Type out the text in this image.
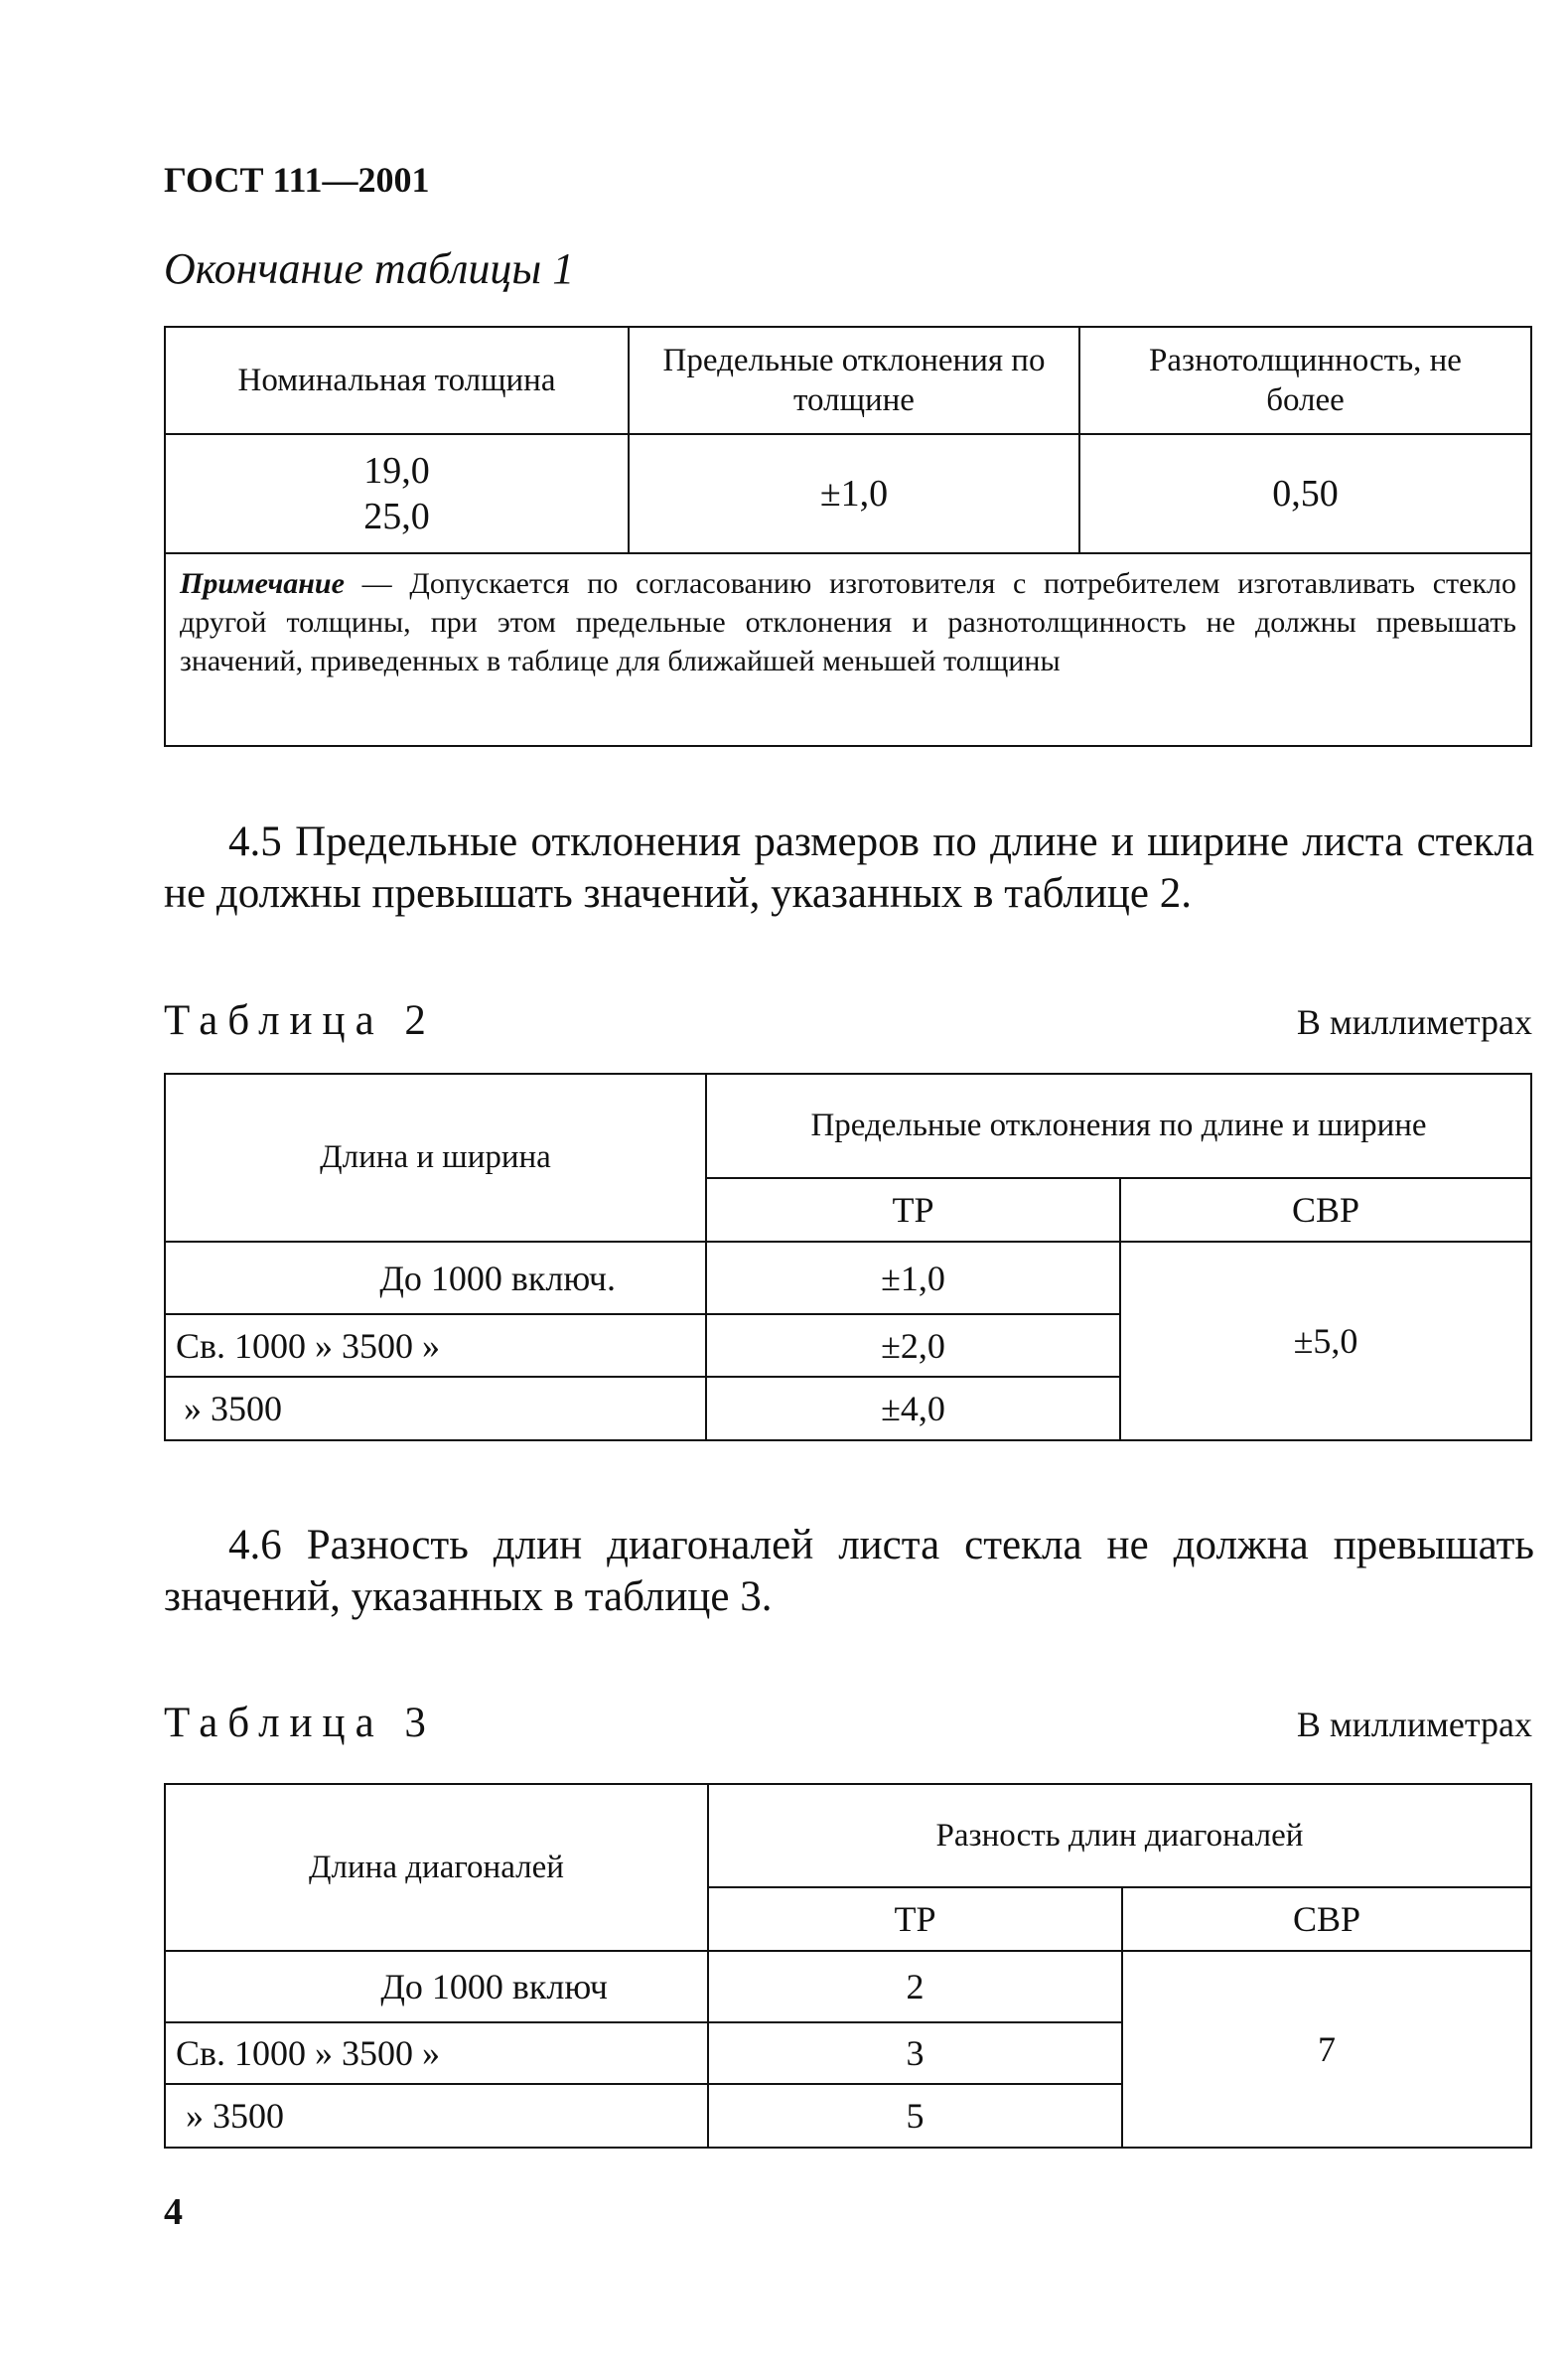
ГОСТ 111—2001
Окончание таблицы 1
Номинальная толщина	Предельные отклонения по толщине	Разнотолщинность, не более

19,0
25,0	±1,0	0,50
Примечание — Допускается по согласованию изготовителя с потребителем изготавливать стекло другой толщины, при этом предельные отклонения и разнотолщинность не должны превышать значений, приведенных в таблице для ближайшей меньшей толщины		
4.5 Предельные отклонения размеров по длине и ширине листа стекла не должны превышать значений, указанных в таблице 2.
Таблица 2	В миллиметрах
Длина и ширина	Предельные отклонения по длине и ширине	
	ТР	СВР
До 1000 включ.	±1,0	±5,0
Св. 1000 » 3500 »	±2,0	
» 3500	±4,0	
4.6 Разность длин диагоналей листа стекла не должна превышать значений, указанных в таблице 3.
Таблица 3	В миллиметрах
Длина диагоналей	Разность длин диагоналей	
	ТР	СВР
До 1000 включ	2	7
Св. 1000 » 3500 »	3	
» 3500	5	
4
